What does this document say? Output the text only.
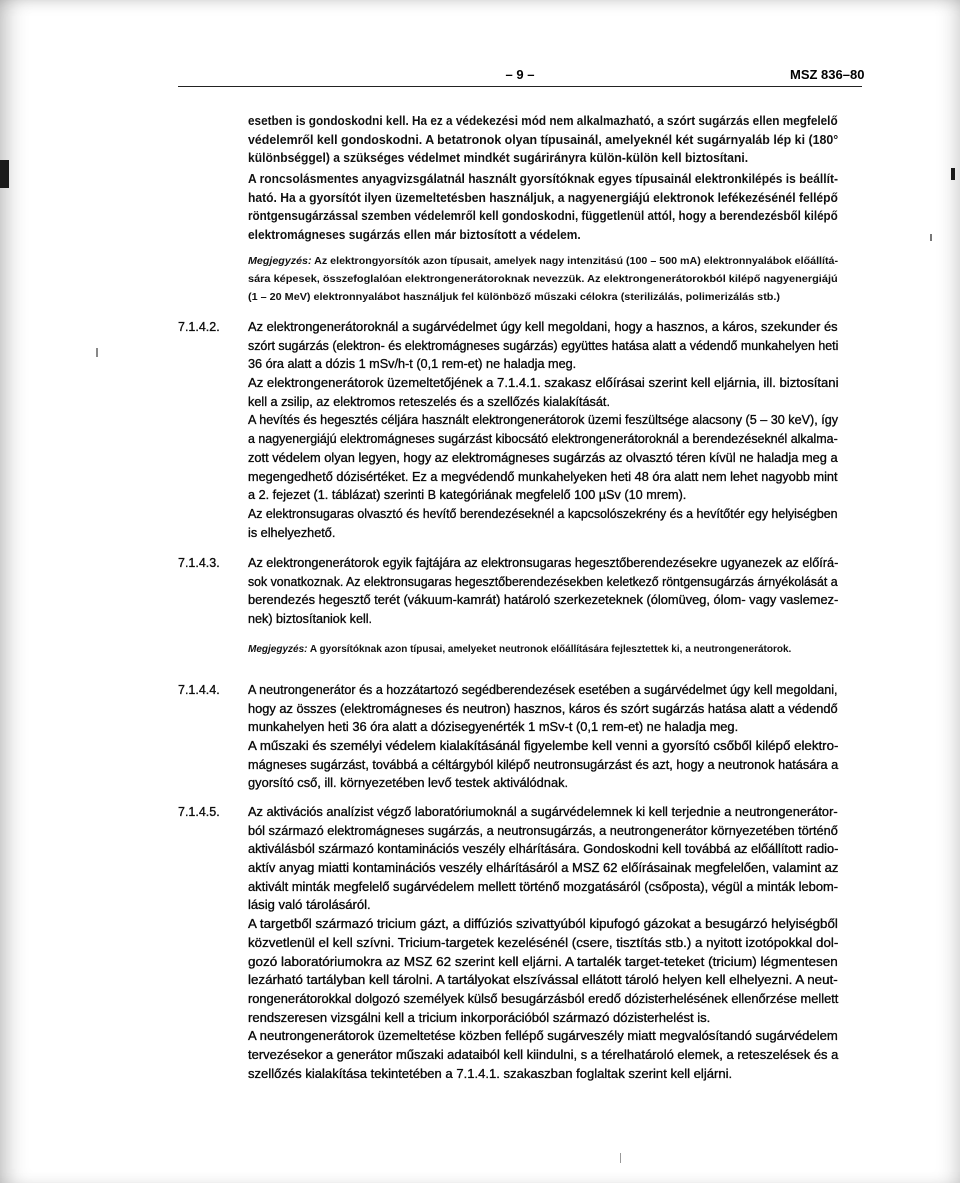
– 9 –	MSZ 836–80
esetben is gondoskodni kell. Ha ez a védekezési mód nem alkalmazható, a szórt sugárzás ellen megfelelő
védelemről kell gondoskodni. A betatronok olyan típusainál, amelyeknél két sugárnyaláb lép ki (180°
különbséggel) a szükséges védelmet mindkét sugárirányra külön-külön kell biztosítani.
A roncsolásmentes anyagvizsgálatnál használt gyorsítóknak egyes típusainál elektronkilépés is beállít-
ható. Ha a gyorsítót ilyen üzemeltetésben használjuk, a nagyenergiájú elektronok lefékezésénél fellépő
röntgensugárzással szemben védelemről kell gondoskodni, függetlenül attól, hogy a berendezésből kilépő
elektromágneses sugárzás ellen már biztosított a védelem.
Megjegyzés: Az elektrongyorsítók azon típusait, amelyek nagy intenzitású (100 – 500 mA) elektronnyalábok előállítá-
sára képesek, összefoglalóan elektrongenerátoroknak nevezzük. Az elektrongenerátorokból kilépő nagyenergiájú
(1 – 20 MeV) elektronnyalábot használjuk fel különböző műszaki célokra (sterilizálás, polimerizálás stb.)
7.1.4.2. Az elektrongenerátoroknál a sugárvédelmet úgy kell megoldani, hogy a hasznos, a káros, szekunder és
szórt sugárzás (elektron- és elektromágneses sugárzás) együttes hatása alatt a védendő munkahelyen heti
36 óra alatt a dózis 1 mSv/h-t (0,1 rem-et) ne haladja meg.
Az elektrongenerátorok üzemeltetőjének a 7.1.4.1. szakasz előírásai szerint kell eljárnia, ill. biztosítani
kell a zsilip, az elektromos reteszelés és a szellőzés kialakítását.
A hevítés és hegesztés céljára használt elektrongenerátorok üzemi feszültsége alacsony (5 – 30 keV), így
a nagyenergiájú elektromágneses sugárzást kibocsátó elektrongenerátoroknál a berendezéseknél alkalma-
zott védelem olyan legyen, hogy az elektromágneses sugárzás az olvasztó téren kívül ne haladja meg a
megengedhető dózisértéket. Ez a megvédendő munkahelyeken heti 48 óra alatt nem lehet nagyobb mint
a 2. fejezet (1. táblázat) szerinti B kategóriának megfelelő 100 µSv (10 mrem).
Az elektronsugaras olvasztó és hevítő berendezéseknél a kapcsolószekrény és a hevítőtér egy helyiségben
is elhelyezhető.
7.1.4.3. Az elektrongenerátorok egyik fajtájára az elektronsugaras hegesztőberendezésekre ugyanezek az előírá-
sok vonatkoznak. Az elektronsugaras hegesztőberendezésekben keletkező röntgensugárzás árnyékolását a
berendezés hegesztő terét (vákuum-kamrát) határoló szerkezeteknek (ólomüveg, ólom- vagy vaslemez-
nek) biztosítaniok kell.
Megjegyzés: A gyorsítóknak azon típusai, amelyeket neutronok előállítására fejlesztettek ki, a neutrongenerátorok.
7.1.4.4. A neutrongenerátor és a hozzátartozó segédberendezések esetében a sugárvédelmet úgy kell megoldani,
hogy az összes (elektromágneses és neutron) hasznos, káros és szórt sugárzás hatása alatt a védendő
munkahelyen heti 36 óra alatt a dózisegyenérték 1 mSv-t (0,1 rem-et) ne haladja meg.
A műszaki és személyi védelem kialakításánál figyelembe kell venni a gyorsító csőből kilépő elektro-
mágneses sugárzást, továbbá a céltárgyból kilépő neutronsugárzást és azt, hogy a neutronok hatására a
gyorsító cső, ill. környezetében levő testek aktiválódnak.
7.1.4.5. Az aktivációs analízist végző laboratóriumoknál a sugárvédelemnek ki kell terjednie a neutrongenerátor-
ból származó elektromágneses sugárzás, a neutronsugárzás, a neutrongenerátor környezetében történő
aktiválásból származó kontaminációs veszély elhárítására. Gondoskodni kell továbbá az előállított radio-
aktív anyag miatti kontaminációs veszély elhárításáról a MSZ 62 előírásainak megfelelően, valamint az
aktivált minták megfelelő sugárvédelem mellett történő mozgatásáról (csőposta), végül a minták lebom-
lásig való tárolásáról.
A targetből származó tricium gázt, a diffúziós szivattyúból kipufogó gázokat a besugárzó helyiségből
közvetlenül el kell szívni. Tricium-targetek kezelésénél (csere, tisztítás stb.) a nyitott izotópokkal dol-
gozó laboratóriumokra az MSZ 62 szerint kell eljárni. A tartalék target-teteket (tricium) légmentesen
lezárható tartályban kell tárolni. A tartályokat elszívással ellátott tároló helyen kell elhelyezni. A neut-
rongenerátorokkal dolgozó személyek külső besugárzásból eredő dózisterhelésének ellenőrzése mellett
rendszeresen vizsgálni kell a tricium inkorporációból származó dózisterhelést is.
A neutrongenerátorok üzemeltetése közben fellépő sugárveszély miatt megvalósítandó sugárvédelem
tervezésekor a generátor műszaki adataiból kell kiindulni, s a térelhatároló elemek, a reteszelések és a
szellőzés kialakítása tekintetében a 7.1.4.1. szakaszban foglaltak szerint kell eljárni.
